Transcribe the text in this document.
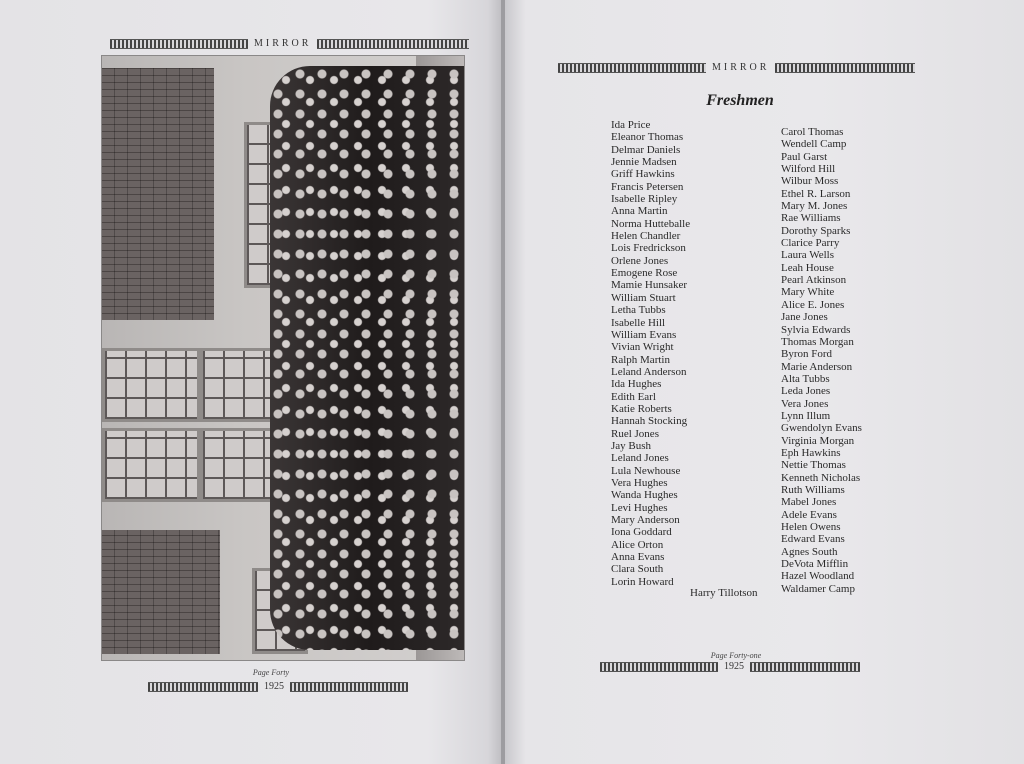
MIRROR
Page Forty
1925
MIRROR
Freshmen
Ida Price
Eleanor Thomas
Delmar Daniels
Jennie Madsen
Griff Hawkins
Francis Petersen
Isabelle Ripley
Anna Martin
Norma Hutteballe
Helen Chandler
Lois Fredrickson
Orlene Jones
Emogene Rose
Mamie Hunsaker
William Stuart
Letha Tubbs
Isabelle Hill
William Evans
Vivian Wright
Ralph Martin
Leland Anderson
Ida Hughes
Edith Earl
Katie Roberts
Hannah Stocking
Ruel Jones
Jay Bush
Leland Jones
Lula Newhouse
Vera Hughes
Wanda Hughes
Levi Hughes
Mary Anderson
Iona Goddard
Alice Orton
Anna Evans
Clara South
Lorin Howard
Carol Thomas
Wendell Camp
Paul Garst
Wilford Hill
Wilbur Moss
Ethel R. Larson
Mary M. Jones
Rae Williams
Dorothy Sparks
Clarice Parry
Laura Wells
Leah House
Pearl Atkinson
Mary White
Alice E. Jones
Jane Jones
Sylvia Edwards
Thomas Morgan
Byron Ford
Marie Anderson
Alta Tubbs
Leda Jones
Vera Jones
Lynn Illum
Gwendolyn Evans
Virginia Morgan
Eph Hawkins
Nettie Thomas
Kenneth Nicholas
Ruth Williams
Mabel Jones
Adele Evans
Helen Owens
Edward Evans
Agnes South
DeVota Mifflin
Hazel Woodland
Waldamer Camp
Harry Tillotson
Page Forty-one
1925
